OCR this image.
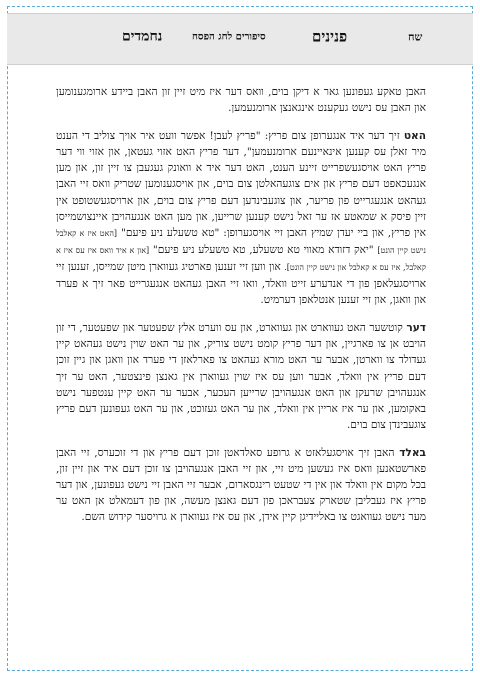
נחמדים	סיפורים לחג הפסח	פנינים	שח

האבן טאקע געפונען גאר א דיקן בוים, וואס דער איז מיט זיין זון האבן ביידע ארומגענומען און האבן עס נישט געקענט אינגאנצן ארומנעמען.

האט זיך דער איד אנגערופן צום פריץ: "פריץ לעבן! אפשר וועט איר אויך צוליב די הענט מיר זאלן עס קענען אינאיינעם ארומנעמען", דער פריץ האט אזוי געטאן, און אזוי ווי דער פריץ האט אויסגעשפרייט זיינע הענט, האט דער איד א וואונק געגעבן צו זיין זון, און מען אנגעכאפט דעם פריץ און אים צוגעהאלטן צום בוים, און אויסגענומען שטריק וואס זיי האבן געהאט אנגעגרייט פון פריער, און צוגעבינדען דעם פריץ צום בוים, און ארויסגעשטופט אין זיין פיסק א שמאטע אז ער זאל נישט קענען שרייען, און מען האט אנגעהויבן איינצושמייסן אין פריץ, און ביי יעדן שמיץ האבן זיי אויסגערופן: "טא טשעלע ניע פיעם" [האט איז א קאלבל נישט קיין הונט] "יאק דזודא מאווי טא טשעלע, טא טשעלע ניע פיעם" [און א איד וואס איז עס איז א קאלבל, איז עס א קאלבל און נישט קיין הונט]. און ווען זיי זענען פארטיג געווארן מיטן שמייסן, זענען זיי ארויסגעלאפן פון די אנדערע זייט וואלד, וואו זיי האבן געהאט אנגעגרייט פאר זיך א פערד און וואגן, און זיי זענען אנטלאפן דערמיט.

דער קוטשער האט געווארט און געווארט, און עס ווערט אלץ שפעטער און שפעטער, די זון הויבט אן צו פארגיין, און דער פריץ קומט נישט צוריק, און ער האט שוין נישט געהאט קיין געדולד צו ווארטן, אבער ער האט מורא געהאט צו פארלאזן די פערד און וואגן און גיין זוכן דעם פריץ אין וואלד, אבער ווען עס איז שוין געווארן אין גאנצן פינצטער, האט ער זיך אנגעהויבן שרעקן און האט אנגעהויבן שרייען העכער, אבער ער האט קיין ענטפער נישט באקומען, און ער איז אריין אין וואלד, און ער האט געזוכט, און ער האט געפונען דעם פריץ צוגעבינדן צום בוים.

באלד האבן זיך אויסגעלאזט א גרופע סאלדאטן זוכן דעם פריץ און די זוכערס, זיי האבן פארשטאנען וואס איז געשען מיט זיי, און זיי האבן אנגעהויבן צו זוכן דעם איד און זיין זון, בכל מקום אין וואלד און אין די שטעט רינגסארום, אבער זיי האבן זיי נישט געפונען, און דער פריץ איז געבליבן שטארק צעבראכן פון דעם גאנצן מעשה, און פון דעמאלט אן האט ער מער נישט געוואגט צו באליידיגן קיין אידן, און עס איז געווארן א גרויסער קידוש השם.
